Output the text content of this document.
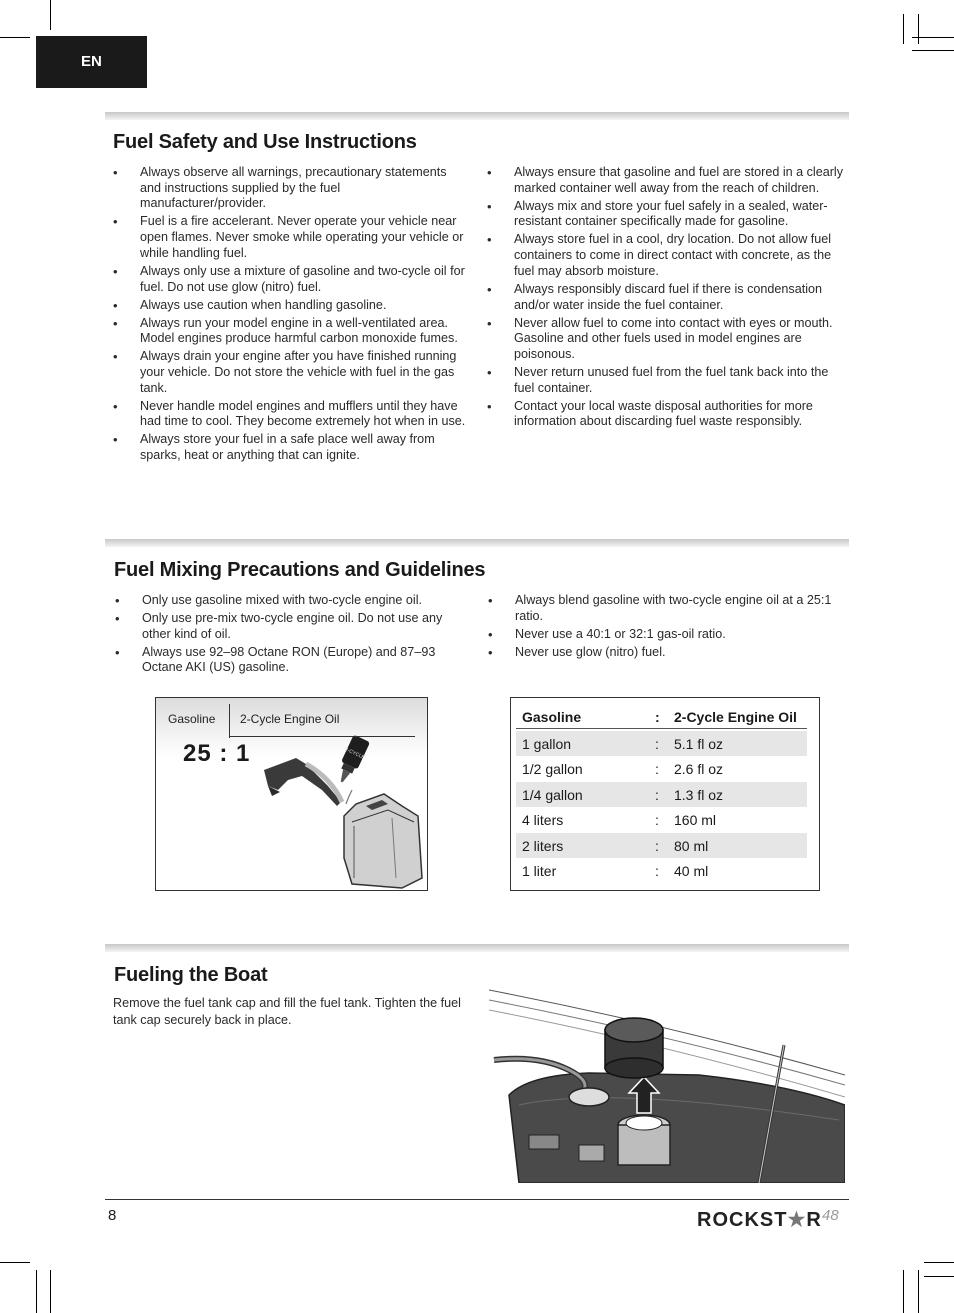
EN
Fuel Safety and Use Instructions
• Always observe all warnings, precautionary statements and instructions supplied by the fuel manufacturer/provider.
• Fuel is a fire accelerant. Never operate your vehicle near open flames. Never smoke while operating your vehicle or while handling fuel.
• Always only use a mixture of gasoline and two-cycle oil for fuel. Do not use glow (nitro) fuel.
• Always use caution when handling gasoline.
• Always run your model engine in a well-ventilated area. Model engines produce harmful carbon monoxide fumes.
• Always drain your engine after you have finished running your vehicle. Do not store the vehicle with fuel in the gas tank.
• Never handle model engines and mufflers until they have had time to cool. They become extremely hot when in use.
• Always store your fuel in a safe place well away from sparks, heat or anything that can ignite.
• Always ensure that gasoline and fuel are stored in a clearly marked container well away from the reach of children.
• Always mix and store your fuel safely in a sealed, water-resistant container specifically made for gasoline.
• Always store fuel in a cool, dry location. Do not allow fuel containers to come in direct contact with concrete, as the fuel may absorb moisture.
• Always responsibly discard fuel if there is condensation and/or water inside the fuel container.
• Never allow fuel to come into contact with eyes or mouth. Gasoline and other fuels used in model engines are poisonous.
• Never return unused fuel from the fuel tank back into the fuel container.
• Contact your local waste disposal authorities for more information about discarding fuel waste responsibly.
Fuel Mixing Precautions and Guidelines
• Only use gasoline mixed with two-cycle engine oil.
• Only use pre-mix two-cycle engine oil. Do not use any other kind of oil.
• Always use 92–98 Octane RON (Europe) and 87–93 Octane AKI (US) gasoline.
• Always blend gasoline with two-cycle engine oil at a 25:1 ratio.
• Never use a 40:1 or 32:1 gas-oil ratio.
• Never use glow (nitro) fuel.
2-CYCLE
Gasoline 2-Cycle Engine Oil
25 : 1
Gasoline	: 2-Cycle Engine Oil
1 gallon	: 5.1 fl oz
1/2 gallon	: 2.6 fl oz
1/4 gallon	: 1.3 fl oz
4 liters	: 160 ml
2 liters	: 80 ml
1 liter	: 40 ml
Fueling the Boat
Remove the fuel tank cap and fill the fuel tank. Tighten the fuel tank cap securely back in place.
8	ROCKST★R 48
